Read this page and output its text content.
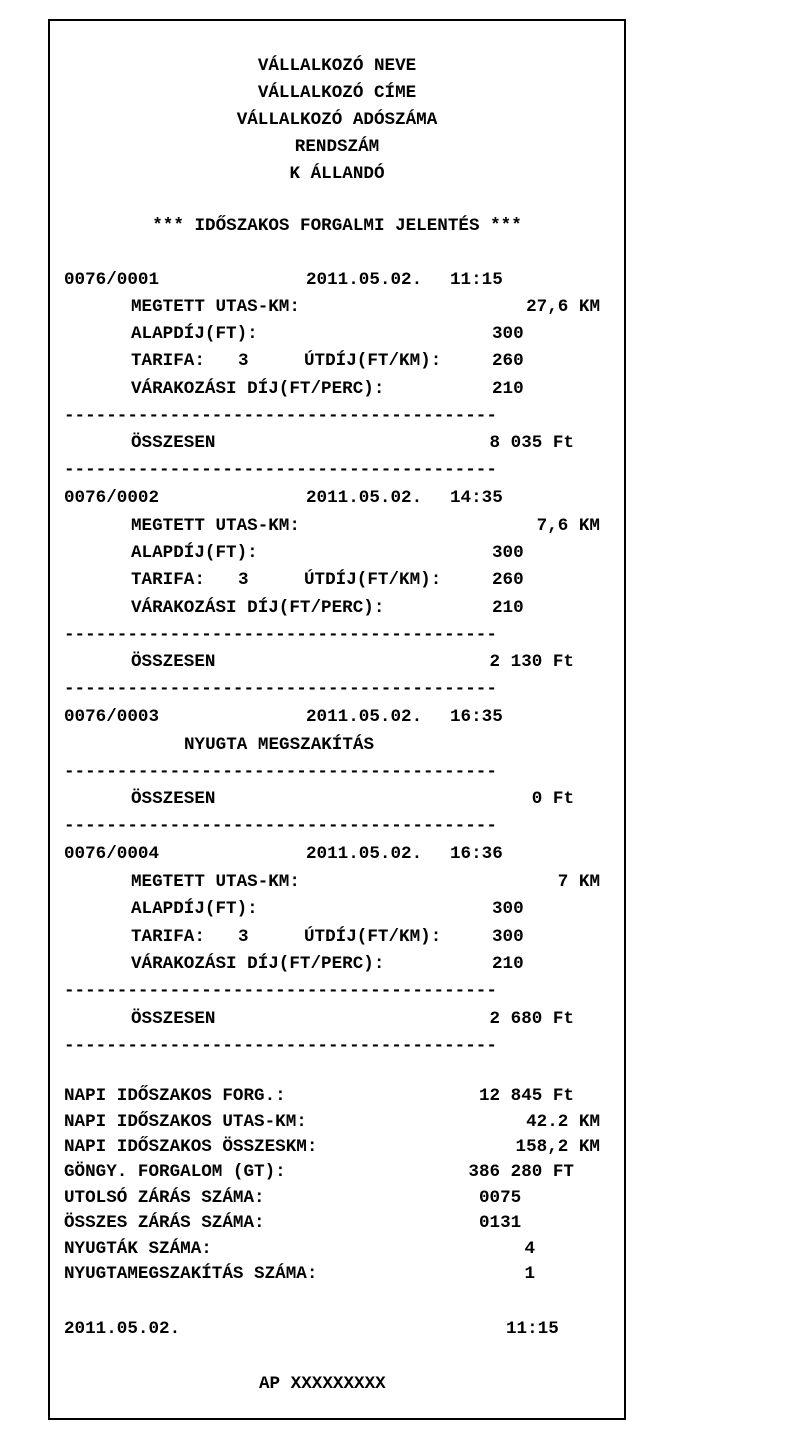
VÁLLALKOZÓ NEVE
VÁLLALKOZÓ CÍME
VÁLLALKOZÓ ADÓSZÁMA
RENDSZÁM
K ÁLLANDÓ
*** IDŐSZAKOS FORGALMI JELENTÉS ***
0076/0001	2011.05.02. 11:15
MEGTETT UTAS-KM:	27,6 KM
ALAPDÍJ(FT):	300
TARIFA: 3	ÚTDÍJ(FT/KM):	260
VÁRAKOZÁSI DÍJ(FT/PERC):	210
-----------------------------------------
ÖSSZESEN	8 035 Ft
-----------------------------------------
0076/0002	2011.05.02. 14:35
MEGTETT UTAS-KM:	7,6 KM
ALAPDÍJ(FT):	300
TARIFA: 3	ÚTDÍJ(FT/KM):	260
VÁRAKOZÁSI DÍJ(FT/PERC):	210
-----------------------------------------
ÖSSZESEN	2 130 Ft
-----------------------------------------
0076/0003	2011.05.02. 16:35
NYUGTA MEGSZAKÍTÁS
-----------------------------------------
ÖSSZESEN	0 Ft
-----------------------------------------
0076/0004	2011.05.02. 16:36
MEGTETT UTAS-KM:	7 KM
ALAPDÍJ(FT):	300
TARIFA: 3	ÚTDÍJ(FT/KM):	300
VÁRAKOZÁSI DÍJ(FT/PERC):	210
-----------------------------------------
ÖSSZESEN	2 680 Ft
-----------------------------------------
NAPI IDŐSZAKOS FORG.:	12 845 Ft
NAPI IDŐSZAKOS UTAS-KM:	42.2 KM
NAPI IDŐSZAKOS ÖSSZESKM:	158,2 KM
GÖNGY. FORGALOM (GT):	386 280 FT
UTOLSÓ ZÁRÁS SZÁMA:	0075
ÖSSZES ZÁRÁS SZÁMA:	0131
NYUGTÁK SZÁMA:	4
NYUGTAMEGSZAKÍTÁS SZÁMA:	1
2011.05.02.	11:15
AP XXXXXXXXX
